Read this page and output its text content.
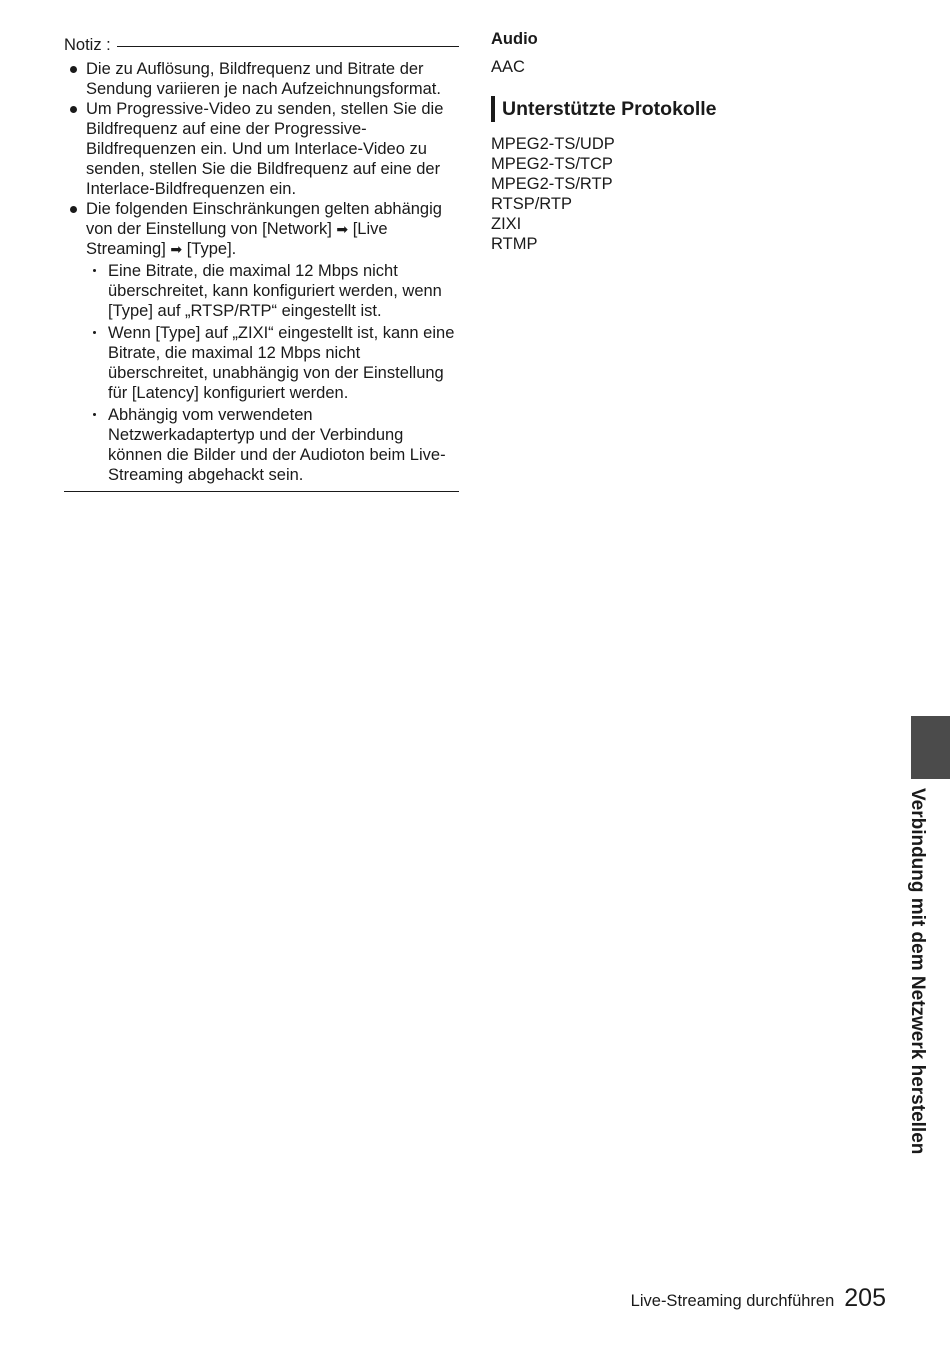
Notiz :
Die zu Auflösung, Bildfrequenz und Bitrate der Sendung variieren je nach Aufzeichnungsformat.
Um Progressive-Video zu senden, stellen Sie die Bildfrequenz auf eine der Progressive-Bildfrequenzen ein. Und um Interlace-Video zu senden, stellen Sie die Bildfrequenz auf eine der Interlace-Bildfrequenzen ein.
Die folgenden Einschränkungen gelten abhängig von der Einstellung von [Network] ➡ [Live Streaming] ➡ [Type].
Eine Bitrate, die maximal 12 Mbps nicht überschreitet, kann konfiguriert werden, wenn [Type] auf „RTSP/RTP“ eingestellt ist.
Wenn [Type] auf „ZIXI“ eingestellt ist, kann eine Bitrate, die maximal 12 Mbps nicht überschreitet, unabhängig von der Einstellung für [Latency] konfiguriert werden.
Abhängig vom verwendeten Netzwerkadaptertyp und der Verbindung können die Bilder und der Audioton beim Live-Streaming abgehackt sein.
Audio
AAC
Unterstützte Protokolle
MPEG2-TS/UDP
MPEG2-TS/TCP
MPEG2-TS/RTP
RTSP/RTP
ZIXI
RTMP
Verbindung mit dem Netzwerk herstellen
Live-Streaming durchführen 205
